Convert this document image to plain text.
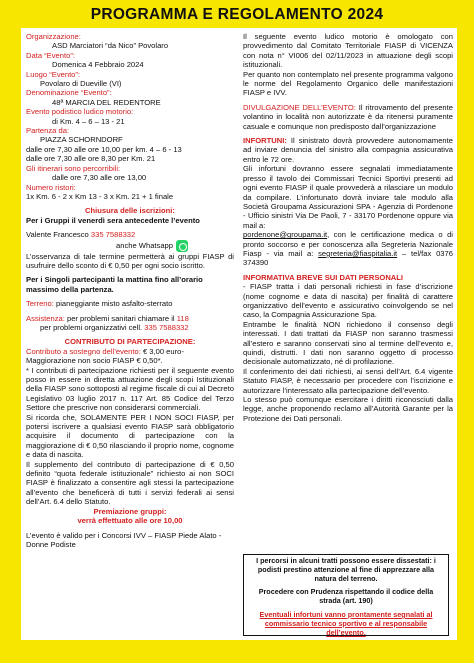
PROGRAMMA E REGOLAMENTO 2024
Organizzazione:
ASD Marciatori “da Nico” Povolaro
Data “Evento”:
Domenica 4 Febbraio 2024
Luogo “Evento”:
Povolaro di Dueville (VI)
Denominazione “Evento”:
48ª MARCIA DEL REDENTORE
Evento podistico ludico motorio:
di Km. 4 – 6 – 13 - 21
Partenza da:
PIAZZA SCHORNDORF
dalle ore 7,30 alle ore 10,00 per km. 4 – 6 - 13
dalle ore 7,30 alle ore 8,30 per Km. 21
Gli itinerari sono percorribili:
dalle ore 7,30 alle ore 13,00
Numero ristori:
1x Km. 6 - 2 x Km 13 - 3 x Km. 21 + 1 finale
Chiusura delle iscrizioni:
Per i Gruppi il venerdì sera antecedente l’evento
Valente Francesco 335 7588332
anche Whatsapp
L’osservanza di tale termine permetterà ai gruppi FIASP di usufruire dello sconto di € 0,50 per ogni socio iscritto.
Per i Singoli partecipanti la mattina fino all’orario massimo della partenza.
Terreno: pianeggiante misto asfalto-sterrato
Assistenza: per problemi sanitari chiamare il 118
per problemi organizzativi cell. 335 7588332
CONTRIBUTO DI PARTECIPAZIONE:
Contributo a sostegno dell’evento: € 3,00 euro-
Maggiorazione non socio FIASP € 0,50*.
* I contributi di partecipazione richiesti per il seguente evento posso in essere in diretta attuazione degli scopi Istituzionali della FIASP sono sottoposti al regime fiscale di cui al Decreto Legislativo 03 luglio 2017 n. 117 Art. 85 Codice del Terzo Settore che prescrive non considerarsi commerciali.
Si ricorda che, SOLAMENTE PER I NON SOCI FIASP, per potersi iscrivere a qualsiasi evento FIASP sarà obbligatorio acquisire il documento di partecipazione con la maggiorazione di € 0,50 rilasciando il proprio nome, cognome e data di nascita.
Il supplemento del contributo di partecipazione di € 0,50 definito “quota federale istituzionale” richiesto ai non SOCI FIASP è finalizzato a consentire agli stessi la partecipazione all’evento che beneficerà di tutti i servizi federali ai sensi dell’Art. 6.4 dello Statuto.
Premiazione gruppi:
verrà effettuato alle ore 10,00
L’evento è valido per i Concorsi IVV – FIASP Piede Alato - Donne Podiste
Il seguente evento ludico motorio è omologato con provvedimento dal Comitato Territoriale FIASP di VICENZA con nota n° VI006 del 02/11/2023 in attuazione degli scopi istituzionali.
Per quanto non contemplato nel presente programma valgono le norme del Regolamento Organico delle manifestazioni FIASP e IVV.
DIVULGAZIONE DELL’EVENTO: Il ritrovamento del presente volantino in località non autorizzate è da ritenersi puramente casuale e comunque non predisposto dall’organizzazione
INFORTUNI: Il sinistrato dovrà provvedere autonomamente ad inviare denuncia del sinistro alla compagnia assicurativa entro le 72 ore.
Gli infortuni dovranno essere segnalati immediatamente presso il tavolo dei Commissari Tecnici Sportivi presenti ad ogni evento FIASP il quale provvederà a rilasciare un modulo da compilare. L’infortunato dovrà inviare tale modulo alla Società Groupama Assicurazioni SPA - Agenzia di Pordenone - Ufficio sinistri Via De Paoli, 7 - 33170 Pordenone oppure via mail a:
pordenone@groupama.it, con le certificazione medica o di pronto soccorso e per conoscenza alla Segreteria Nazionale Fiasp - via mail a: segreteria@fiaspitalia.it – tel/fax 0376 374390
INFORMATIVA BREVE SUI DATI PERSONALI
- FIASP tratta i dati personali richiesti in fase d’iscrizione (nome cognome e data di nascita) per finalità di carattere organizzativo dell’evento e assicurativo coinvolgendo se nel caso, la Compagnia Assicurazione Spa.
Entrambe le finalità NON richiedono il consenso degli interessati. I dati trattati da FIASP non saranno trasmessi all’estero e saranno conservati sino al termine dell’evento e, quindi, distrutti. I dati non saranno oggetto di processo decisionale automatizzato, né di profilazione.
Il conferimento dei dati richiesti, ai sensi dell’Art. 6.4 vigente Statuto FIASP, è necessario per procedere con l’iscrizione e autorizzare l’interessato alla partecipazione dell’evento.
Lo stesso può comunque esercitare i diritti riconosciuti dalla legge, anche proponendo reclamo all’Autorità Garante per la Protezione dei Dati personali.
I percorsi in alcuni tratti possono essere dissestati: i podisti prestino attenzione al fine di apprezzare alla natura del terreno.
Procedere con Prudenza rispettando il codice della strada (art. 190)
Eventuali infortuni vanno prontamente segnalati al commissario tecnico sportivo e al responsabile dell’evento.
